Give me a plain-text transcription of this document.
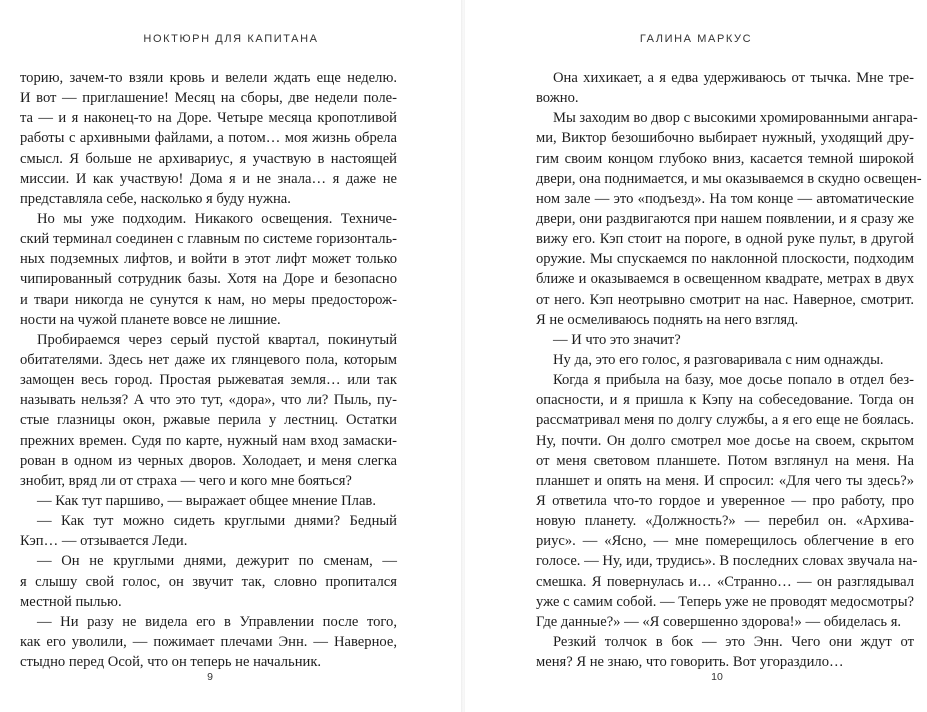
НОКТЮРН ДЛЯ КАПИТАНА
торию, зачем-то взяли кровь и велели ждать еще неделю.
И вот — приглашение! Месяц на сборы, две недели поле-
та — и я наконец-то на Доре. Четыре месяца кропотливой
работы с архивными файлами, а потом… моя жизнь обрела
смысл. Я больше не архивариус, я участвую в настоящей
миссии. И как участвую! Дома я и не знала… я даже не
представляла себе, насколько я буду нужна.
Но мы уже подходим. Никакого освещения. Техниче-
ский терминал соединен с главным по системе горизонталь-
ных подземных лифтов, и войти в этот лифт может только
чипированный сотрудник базы. Хотя на Доре и безопасно
и твари никогда не сунутся к нам, но меры предосторож-
ности на чужой планете вовсе не лишние.
Пробираемся через серый пустой квартал, покинутый
обитателями. Здесь нет даже их глянцевого пола, которым
замощен весь город. Простая рыжеватая земля… или так
называть нельзя? А что это тут, «дора», что ли? Пыль, пу-
стые глазницы окон, ржавые перила у лестниц. Остатки
прежних времен. Судя по карте, нужный нам вход замаски-
рован в одном из черных дворов. Холодает, и меня слегка
знобит, вряд ли от страха — чего и кого мне бояться?
— Как тут паршиво, — выражает общее мнение Плав.
— Как тут можно сидеть круглыми днями? Бедный
Кэп… — отзывается Леди.
— Он не круглыми днями, дежурит по сменам, —
я слышу свой голос, он звучит так, словно пропитался
местной пылью.
— Ни разу не видела его в Управлении после того,
как его уволили, — пожимает плечами Энн. — Наверное,
стыдно перед Осой, что он теперь не начальник.
9
ГАЛИНА МАРКУС
Она хихикает, а я едва удерживаюсь от тычка. Мне тре-
вожно.
Мы заходим во двор с высокими хромированными ангара-
ми, Виктор безошибочно выбирает нужный, уходящий дру-
гим своим концом глубоко вниз, касается темной широкой
двери, она поднимается, и мы оказываемся в скудно освещен-
ном зале — это «подъезд». На том конце — автоматические
двери, они раздвигаются при нашем появлении, и я сразу же
вижу его. Кэп стоит на пороге, в одной руке пульт, в другой
оружие. Мы спускаемся по наклонной плоскости, подходим
ближе и оказываемся в освещенном квадрате, метрах в двух
от него. Кэп неотрывно смотрит на нас. Наверное, смотрит.
Я не осмеливаюсь поднять на него взгляд.
— И что это значит?
Ну да, это его голос, я разговаривала с ним однажды.
Когда я прибыла на базу, мое досье попало в отдел без-
опасности, и я пришла к Кэпу на собеседование. Тогда он
рассматривал меня по долгу службы, а я его еще не боялась.
Ну, почти. Он долго смотрел мое досье на своем, скрытом
от меня световом планшете. Потом взглянул на меня. На
планшет и опять на меня. И спросил: «Для чего ты здесь?»
Я ответила что-то гордое и уверенное — про работу, про
новую планету. «Должность?» — перебил он. «Архива-
риус». — «Ясно, — мне померещилось облегчение в его
голосе. — Ну, иди, трудись». В последних словах звучала на-
смешка. Я повернулась и… «Странно… — он разглядывал
уже с самим собой. — Теперь уже не проводят медосмотры?
Где данные?» — «Я совершенно здорова!» — обиделась я.
Резкий толчок в бок — это Энн. Чего они ждут от
меня? Я не знаю, что говорить. Вот угораздило…
10
